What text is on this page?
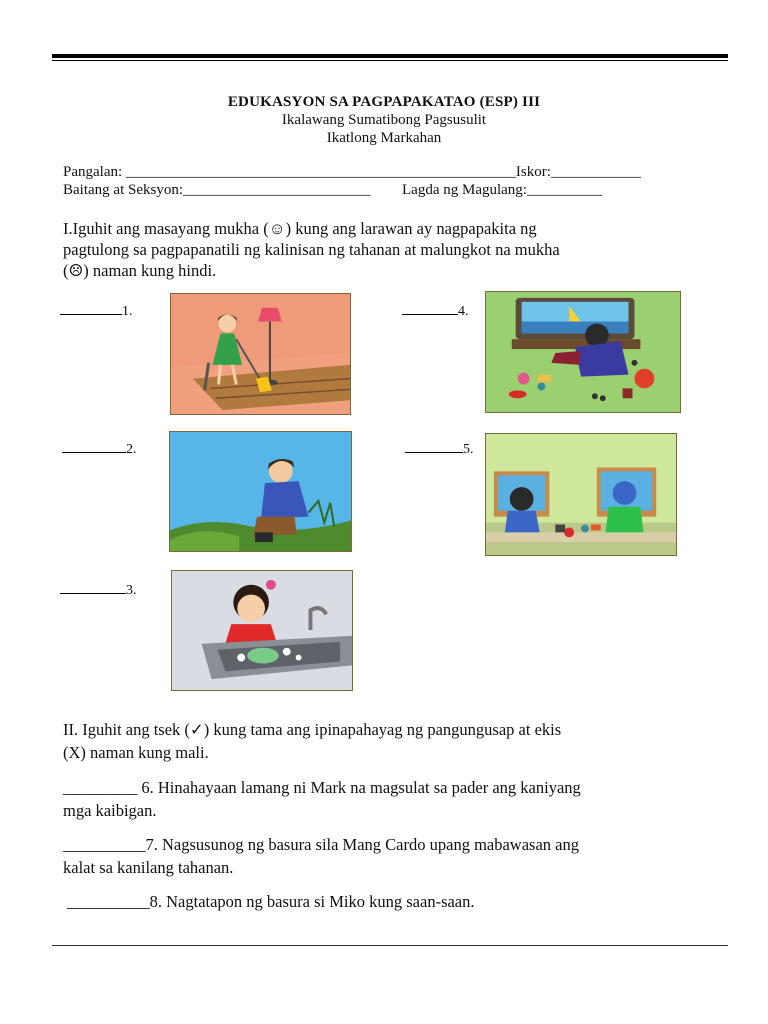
EDUKASYON SA PAGPAPAKATAO (ESP) III
Ikalawang Sumatibong Pagsusulit
Ikatlong Markahan
Pangalan: ____________________________________________________Iskor:____________
Baitang at Seksyon:_________________________ Lagda ng Magulang:__________
I.Iguhit ang masayang mukha (☺) kung ang larawan ay nagpapakita ng
pagtulong sa pagpapanatili ng kalinisan ng tahanan at malungkot na mukha
(☹) naman kung hindi.
1.	4.
2.	5.
3.
II. Iguhit ang tsek (✓) kung tama ang ipinapahayag ng pangungusap at ekis
(X) naman kung mali.
_________ 6. Hinahayaan lamang ni Mark na magsulat sa pader ang kaniyang
mga kaibigan.
__________7. Nagsusunog ng basura sila Mang Cardo upang mabawasan ang
kalat sa kanilang tahanan.
__________8. Nagtatapon ng basura si Miko kung saan-saan.
